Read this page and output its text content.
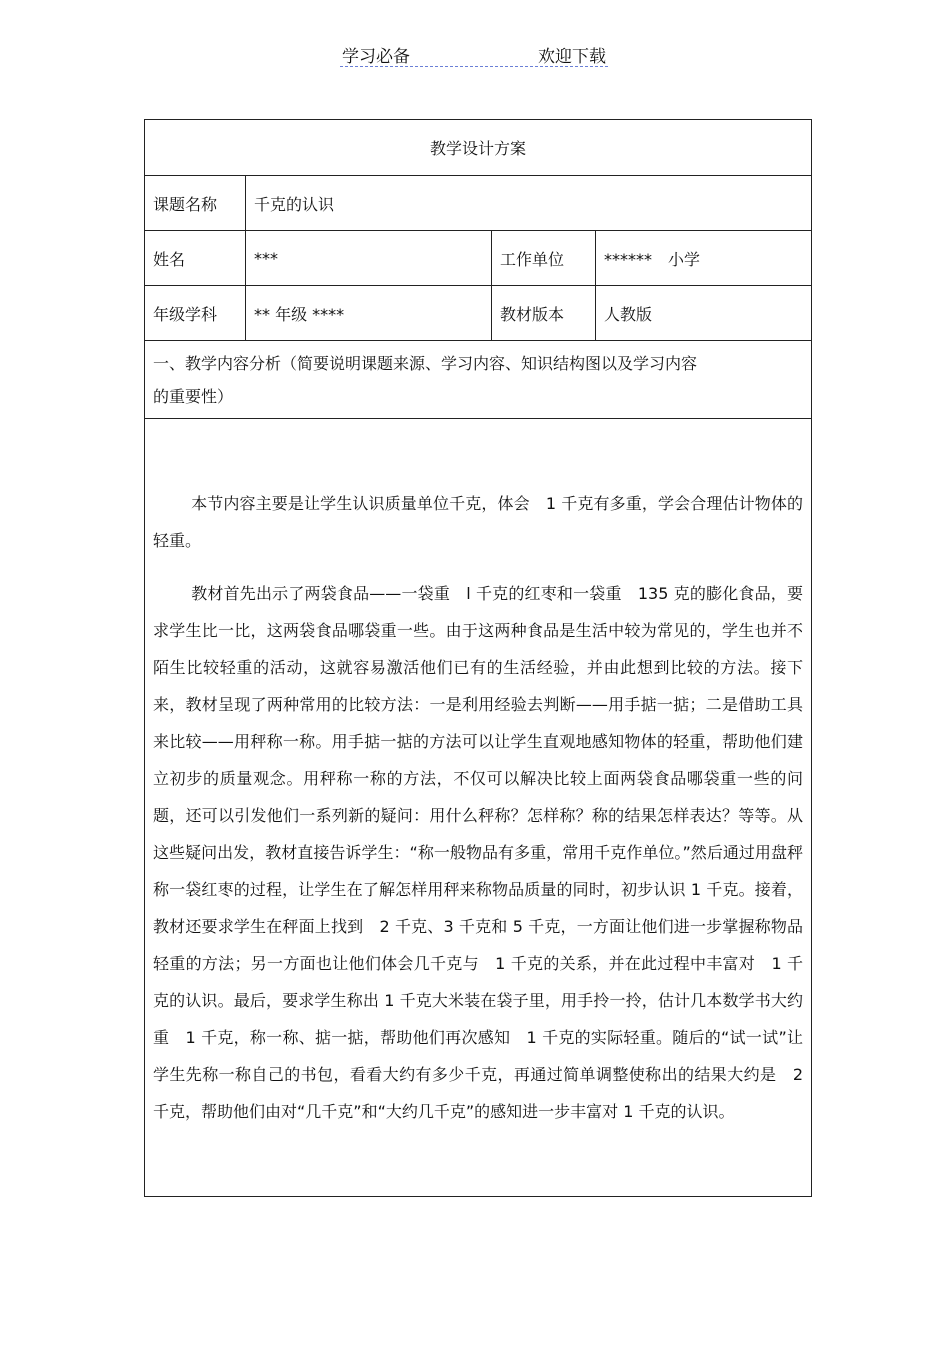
学习必备	欢迎下载
教学设计方案			
课题名称	千克的认识		
姓名	***	工作单位	******　小学
年级学科	** 年级 ****	教材版本	人教版

一、教学内容分析（简要说明课题来源、学习内容、知识结构图以及学习内容
的重要性）			

本节内容主要是让学生认识质量单位千克，体会　1 千克有多重，学会合理估计物体的轻重。

教材首先出示了两袋食品——一袋重　l 千克的红枣和一袋重　135 克的膨化食品，要求学生比一比，这两袋食品哪袋重一些。由于这两种食品是生活中较为常见的，学生也并不陌生比较轻重的活动，这就容易激活他们已有的生活经验，并由此想到比较的方法。接下来，教材呈现了两种常用的比较方法：一是利用经验去判断——用手掂一掂；二是借助工具来比较——用秤称一称。用手掂一掂的方法可以让学生直观地感知物体的轻重，帮助他们建立初步的质量观念。用秤称一称的方法，不仅可以解决比较上面两袋食品哪袋重一些的问题，还可以引发他们一系列新的疑问：用什么秤称？怎样称？称的结果怎样表达？等等。从这些疑问出发，教材直接告诉学生：“称一般物品有多重，常用千克作单位。”然后通过用盘秤称一袋红枣的过程，让学生在了解怎样用秤来称物品质量的同时，初步认识 1 千克。接着，教材还要求学生在秤面上找到　2 千克、3 千克和 5 千克，一方面让他们进一步掌握称物品轻重的方法；另一方面也让他们体会几千克与　1 千克的关系，并在此过程中丰富对　1 千克的认识。最后，要求学生称出 1 千克大米装在袋子里，用手拎一拎，估计几本数学书大约重　1 千克，称一称、掂一掂，帮助他们再次感知　1 千克的实际轻重。随后的“试一试”让学生先称一称自己的书包，看看大约有多少千克，再通过简单调整使称出的结果大约是　2 千克，帮助他们由对“几千克”和“大约几千克”的感知进一步丰富对 1 千克的认识。			
